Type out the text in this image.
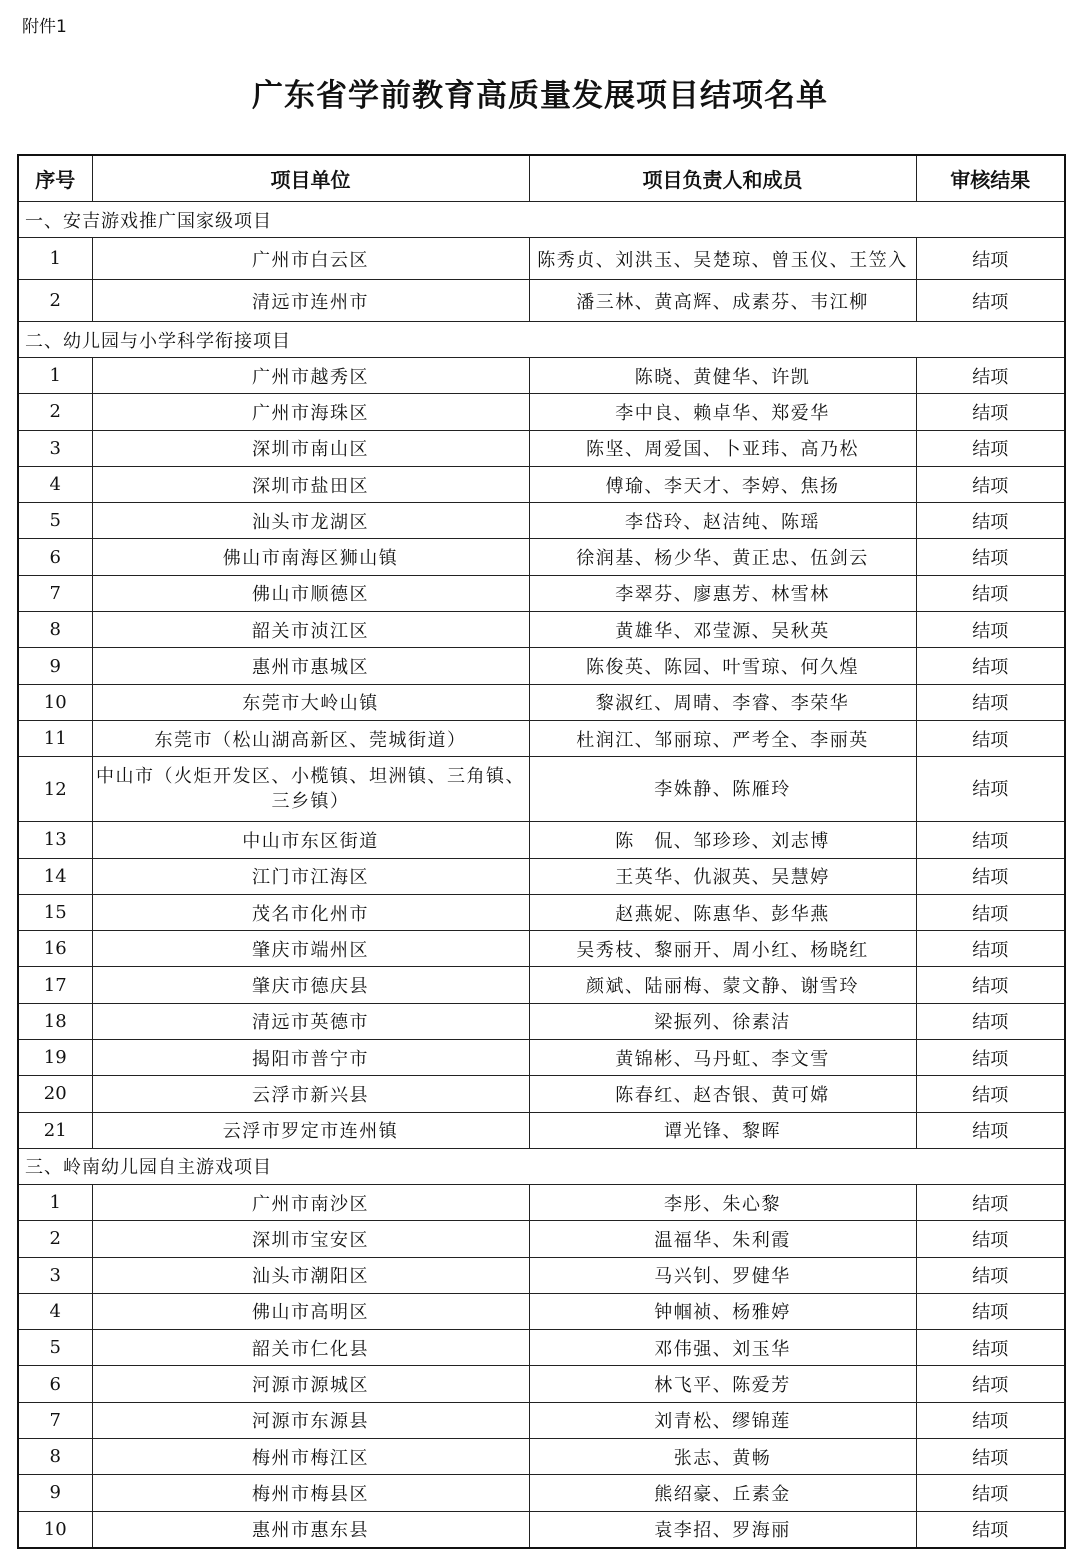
附件1
广东省学前教育高质量发展项目结项名单
序号	项目单位	项目负责人和成员	审核结果
一、安吉游戏推广国家级项目			
1	广州市白云区	陈秀贞、刘洪玉、吴楚琼、曾玉仪、王笠入	结项
2	清远市连州市	潘三林、黄高辉、成素芬、韦江柳	结项
二、幼儿园与小学科学衔接项目			
1	广州市越秀区	陈晓、黄健华、许凯	结项
2	广州市海珠区	李中良、赖卓华、郑爱华	结项
3	深圳市南山区	陈坚、周爱国、卜亚玮、高乃松	结项
4	深圳市盐田区	傅瑜、李天才、李婷、焦扬	结项
5	汕头市龙湖区	李岱玲、赵洁纯、陈瑶	结项
6	佛山市南海区狮山镇	徐润基、杨少华、黄正忠、伍剑云	结项
7	佛山市顺德区	李翠芬、廖惠芳、林雪林	结项
8	韶关市浈江区	黄雄华、邓莹源、吴秋英	结项
9	惠州市惠城区	陈俊英、陈园、叶雪琼、何久煌	结项
10	东莞市大岭山镇	黎淑红、周晴、李睿、李荣华	结项
11	东莞市（松山湖高新区、莞城街道）	杜润江、邹丽琼、严考全、李丽英	结项
12	中山市（火炬开发区、小榄镇、坦洲镇、三角镇、三乡镇）	李姝静、陈雁玲	结项
13	中山市东区街道	陈　侃、邹珍珍、刘志博	结项
14	江门市江海区	王英华、仇淑英、吴慧婷	结项
15	茂名市化州市	赵燕妮、陈惠华、彭华燕	结项
16	肇庆市端州区	吴秀枝、黎丽开、周小红、杨晓红	结项
17	肇庆市德庆县	颜斌、陆丽梅、蒙文静、谢雪玲	结项
18	清远市英德市	梁振列、徐素洁	结项
19	揭阳市普宁市	黄锦彬、马丹虹、李文雪	结项
20	云浮市新兴县	陈春红、赵杏银、黄可嫦	结项
21	云浮市罗定市连州镇	谭光锋、黎晖	结项
三、岭南幼儿园自主游戏项目			
1	广州市南沙区	李彤、朱心黎	结项
2	深圳市宝安区	温福华、朱利霞	结项
3	汕头市潮阳区	马兴钊、罗健华	结项
4	佛山市高明区	钟帼祯、杨雅婷	结项
5	韶关市仁化县	邓伟强、刘玉华	结项
6	河源市源城区	林飞平、陈爱芳	结项
7	河源市东源县	刘青松、缪锦莲	结项
8	梅州市梅江区	张志、黄畅	结项
9	梅州市梅县区	熊绍豪、丘素金	结项
10	惠州市惠东县	袁李招、罗海丽	结项
